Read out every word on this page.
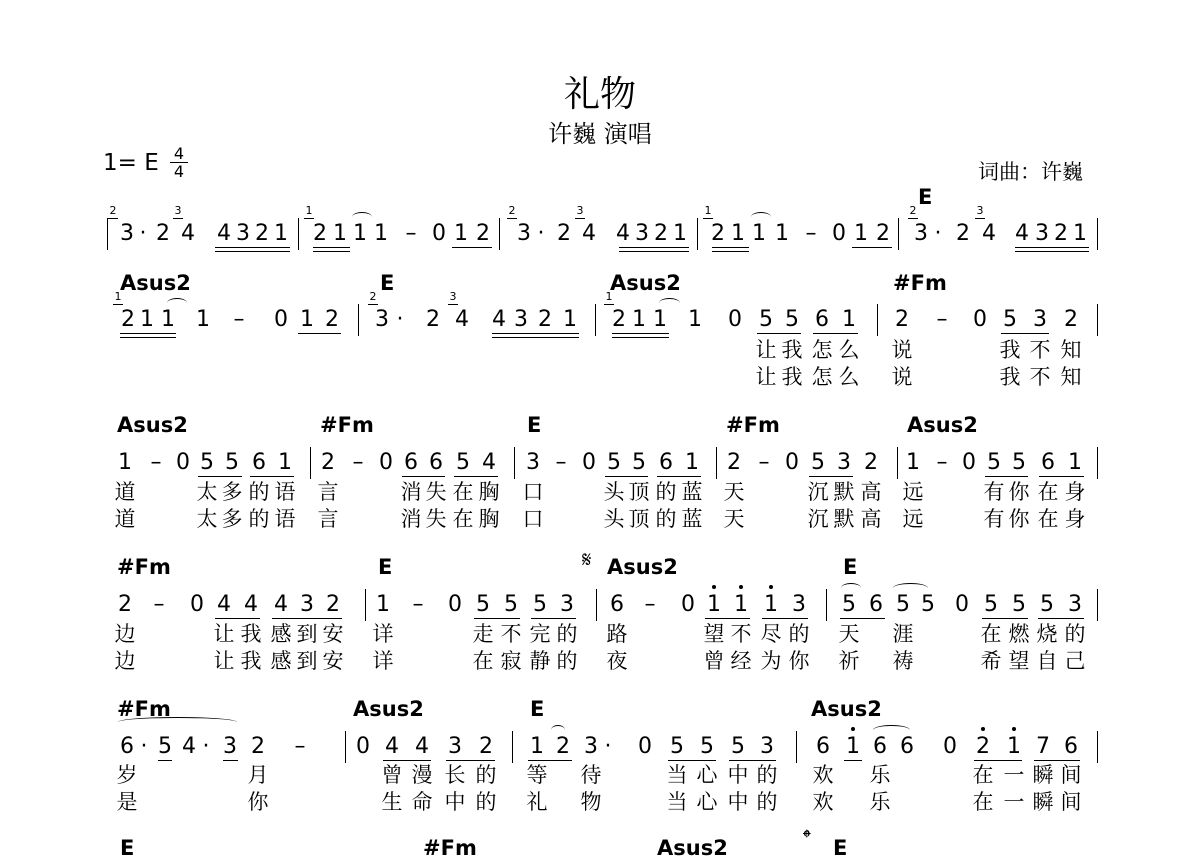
礼物
许巍 演唱
1= E 4
4	词曲：许巍
𝄋
𝄌
E
3 · 2 4 4 3 2 1 2 1 1 1 – 0 1 2 3 · 2 4 4 3 2 1 2 1 1 1 – 0 1 2 3 · 2 4 4 3 2 1
2	3	1	2	3	1	2	3
Asus2	E	Asus2	#Fm
2 1 1 1 – 0 1 2 3 · 2 4 4 3 2 1 2 1 1 1 0 5 5 6 1 2 – 0 5 3 2
1	2	3	1
让 我 怎 么 说	我 不 知
让 我 怎 么 说	我 不 知
Asus2	#Fm	E	#Fm	Asus2
1 – 0 5 5 6 1 2 – 0 6 6 5 4 3 – 0 5 5 6 1 2 – 0 5 3 2 1 – 0 5 5 6 1
道	太 多 的 语 言	消 失 在 胸 口	头 顶 的 蓝 天	沉 默 高 远	有 你 在 身
道	太 多 的 语 言	消 失 在 胸 口	头 顶 的 蓝 天	沉 默 高 远	有 你 在 身
#Fm	E	Asus2	E
2 – 0 4 4 4 3 2 1 – 0 5 5 5 3 6 – 0 1 1 1 3 5 6 5 5 0 5 5 5 3
边	让 我 感 到 安 详	走 不 完 的 路	望 不 尽 的 天 涯	在 燃 烧 的
边	让 我 感 到 安 详	在 寂 静 的 夜	曾 经 为 你 祈 祷	希 望 自 己
#Fm	Asus2	E	Asus2
6 · 5 4 · 3 2 – 0 4 4 3 2 1 2 3 · 0 5 5 5 3 6 1 6 6 0 2 1 7 6
岁	月	曾 漫 长 的 等 待	当 心 中 的 欢 乐	在 一 瞬 间
是	你	生 命 中 的 礼 物	当 心 中 的 欢 乐	在 一 瞬 间
E	#Fm	Asus2	E
